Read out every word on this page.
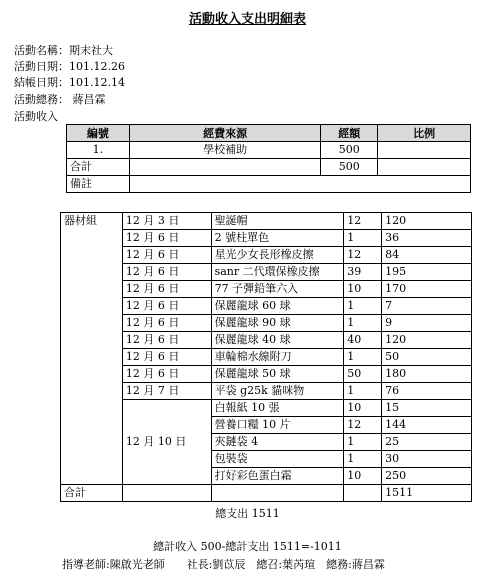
活動收入支出明細表
活動名稱：期末社大
活動日期：101.12.26
結帳日期：101.12.14
活動總務： 蔣昌霖
活動收入
編號	經費來源	經額	比例
1.	學校補助	500	
合計		500	
備註			
器材組	12 月 3 日	聖誕帽	12	120
	12 月 6 日	2 號柱單色	1	36
	12 月 6 日	星光少女長形橡皮擦	12	84
	12 月 6 日	sanr 二代環保橡皮擦	39	195
	12 月 6 日	77 子彈鉛筆六入	10	170
	12 月 6 日	保麗龍球 60 球	1	7
	12 月 6 日	保麗龍球 90 球	1	9
	12 月 6 日	保麗龍球 40 球	40	120
	12 月 6 日	車輪棉水線附刀	1	50
	12 月 6 日	保麗龍球 50 球	50	180
	12 月 7 日	平袋 g25k 貓咪物	1	76
	12 月 10 日	白報紙 10 張	10	15
		營養口糧 10 片	12	144
		夾鏈袋 4	1	25
		包裝袋	1	30
		打好彩色蛋白霜	10	250
合計				1511
總支出 1511
總計收入 500-總計支出 1511=-1011
指導老師:陳啟光老師　　社長:劉苡辰　總召:葉芮瑄　總務:蔣昌霖
